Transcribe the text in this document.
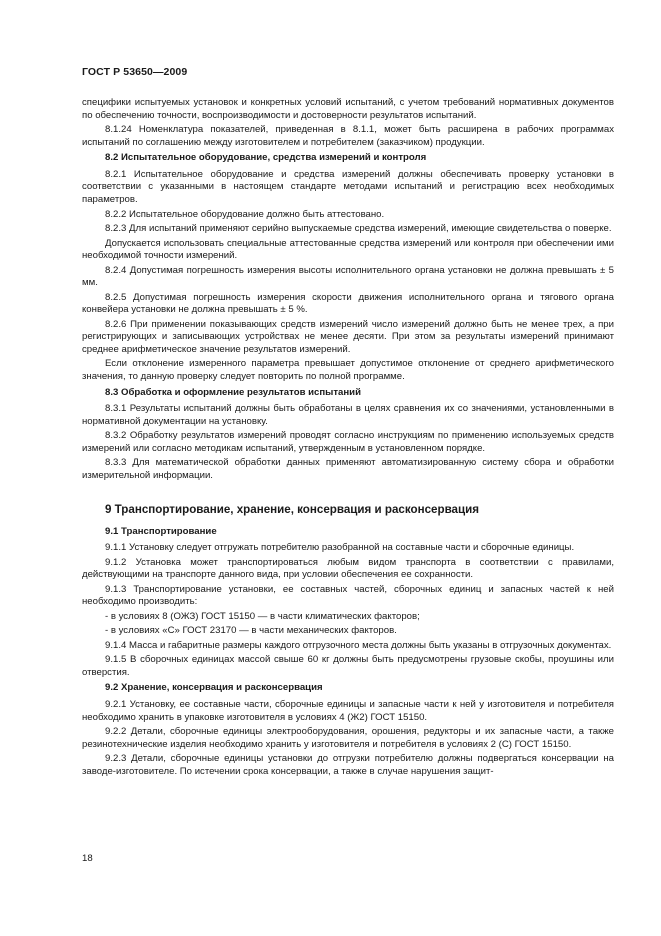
ГОСТ Р 53650—2009
специфики испытуемых установок и конкретных условий испытаний, с учетом требований нормативных документов по обеспечению точности, воспроизводимости и достоверности результатов испытаний.
8.1.24 Номенклатура показателей, приведенная в 8.1.1, может быть расширена в рабочих программах испытаний по соглашению между изготовителем и потребителем (заказчиком) продукции.
8.2 Испытательное оборудование, средства измерений и контроля
8.2.1 Испытательное оборудование и средства измерений должны обеспечивать проверку установки в соответствии с указанными в настоящем стандарте методами испытаний и регистрацию всех необходимых параметров.
8.2.2 Испытательное оборудование должно быть аттестовано.
8.2.3 Для испытаний применяют серийно выпускаемые средства измерений, имеющие свидетельства о поверке.
Допускается использовать специальные аттестованные средства измерений или контроля при обеспечении ими необходимой точности измерений.
8.2.4 Допустимая погрешность измерения высоты исполнительного органа установки не должна превышать ± 5 мм.
8.2.5 Допустимая погрешность измерения скорости движения исполнительного органа и тягового органа конвейера установки не должна превышать ± 5 %.
8.2.6 При применении показывающих средств измерений число измерений должно быть не менее трех, а при регистрирующих и записывающих устройствах не менее десяти. При этом за результаты измерений принимают среднее арифметическое значение результатов измерений.
Если отклонение измеренного параметра превышает допустимое отклонение от среднего арифметического значения, то данную проверку следует повторить по полной программе.
8.3 Обработка и оформление результатов испытаний
8.3.1 Результаты испытаний должны быть обработаны в целях сравнения их со значениями, установленными в нормативной документации на установку.
8.3.2 Обработку результатов измерений проводят согласно инструкциям по применению используемых средств измерений или согласно методикам испытаний, утвержденным в установленном порядке.
8.3.3 Для математической обработки данных применяют автоматизированную систему сбора и обработки измерительной информации.
9 Транспортирование, хранение, консервация и расконсервация
9.1 Транспортирование
9.1.1 Установку следует отгружать потребителю разобранной на составные части и сборочные единицы.
9.1.2 Установка может транспортироваться любым видом транспорта в соответствии с правилами, действующими на транспорте данного вида, при условии обеспечения ее сохранности.
9.1.3 Транспортирование установки, ее составных частей, сборочных единиц и запасных частей к ней необходимо производить:
- в условиях 8 (ОЖЗ) ГОСТ 15150 — в части климатических факторов;
- в условиях «С» ГОСТ 23170 — в части механических факторов.
9.1.4 Масса и габаритные размеры каждого отгрузочного места должны быть указаны в отгрузочных документах.
9.1.5 В сборочных единицах массой свыше 60 кг должны быть предусмотрены грузовые скобы, проушины или отверстия.
9.2 Хранение, консервация и расконсервация
9.2.1 Установку, ее составные части, сборочные единицы и запасные части к ней у изготовителя и потребителя необходимо хранить в упаковке изготовителя в условиях 4 (Ж2) ГОСТ 15150.
9.2.2 Детали, сборочные единицы электрооборудования, орошения, редукторы и их запасные части, а также резинотехнические изделия необходимо хранить у изготовителя и потребителя в условиях 2 (С) ГОСТ 15150.
9.2.3 Детали, сборочные единицы установки до отгрузки потребителю должны подвергаться консервации на заводе-изготовителе. По истечении срока консервации, а также в случае нарушения защит-
18
